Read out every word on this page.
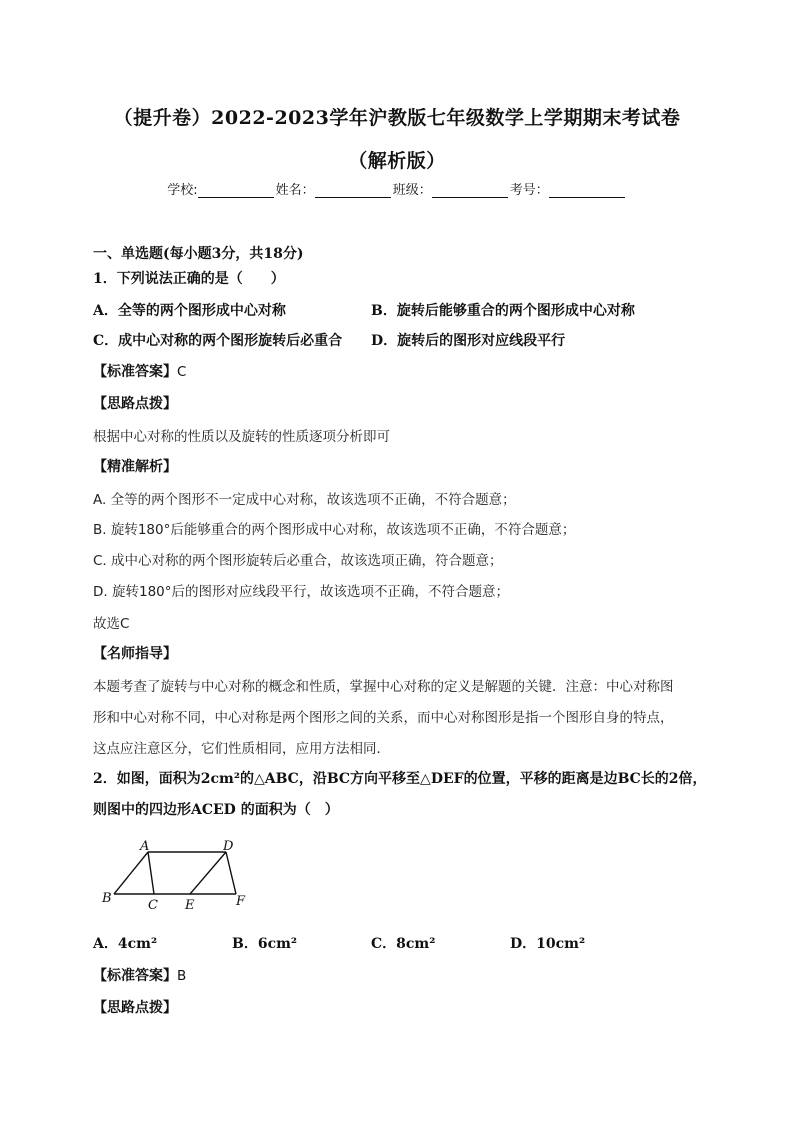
（提升卷）2022-2023学年沪教版七年级数学上学期期末考试卷
（解析版）
学校:	姓名：	班级：	考号：
一、单选题(每小题3分，共18分)
1．下列说法正确的是（　　）
A．全等的两个图形成中心对称	B．旋转后能够重合的两个图形成中心对称
C．成中心对称的两个图形旋转后必重合 D．旋转后的图形对应线段平行
【标准答案】C
【思路点拨】
根据中心对称的性质以及旋转的性质逐项分析即可
【精准解析】
A. 全等的两个图形不一定成中心对称，故该选项不正确，不符合题意；
B. 旋转180°后能够重合的两个图形成中心对称，故该选项不正确，不符合题意；
C. 成中心对称的两个图形旋转后必重合，故该选项正确，符合题意；
D. 旋转180°后的图形对应线段平行，故该选项不正确，不符合题意；
故选C
【名师指导】
本题考查了旋转与中心对称的概念和性质，掌握中心对称的定义是解题的关键．注意：中心对称图
形和中心对称不同，中心对称是两个图形之间的关系，而中心对称图形是指一个图形自身的特点，
这点应注意区分，它们性质相同，应用方法相同．
2．如图，面积为2cm²的△ABC，沿BC方向平移至△DEF的位置，平移的距离是边BC长的2倍，
则图中的四边形ACED 的面积为（　）
A
B	C
D
E	F
A．4cm²	B．6cm²	C．8cm²	D．10cm²
【标准答案】B
【思路点拨】
